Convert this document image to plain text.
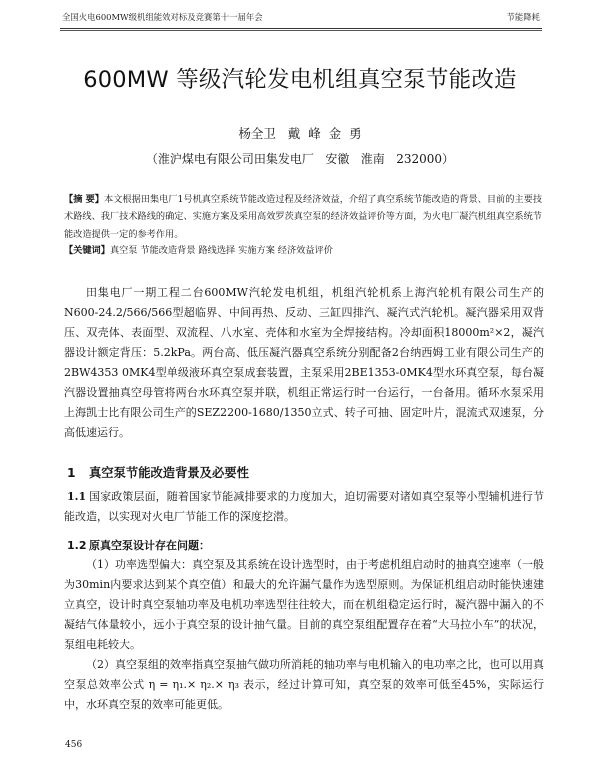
全国火电600MW级机组能效对标及竞赛第十一届年会	节能降耗
600MW 等级汽轮发电机组真空泵节能改造
杨全卫   戴  峰  金  勇
（淮沪煤电有限公司田集发电厂   安徽   淮南   232000）

【摘 要】本文根据田集电厂1号机真空系统节能改造过程及经济效益，介绍了真空系统节能改造的背景、目前的主要技术路线、我厂技术路线的确定、实施方案及采用高效罗茨真空泵的经济效益评价等方面，为火电厂凝汽机组真空系统节能改造提供一定的参考作用。

【关键词】真空泵 节能改造背景 路线选择 实施方案 经济效益评价

田集电厂一期工程二台600MW汽轮发电机组，机组汽轮机系上海汽轮机有限公司生产的N600-24.2/566/566型超临界、中间再热、反动、三缸四排汽、凝汽式汽轮机。凝汽器采用双背压、双壳体、表面型、双流程、八水室、壳体和水室为全焊接结构。冷却面积18000m²×2，凝汽器设计额定背压：5.2kPa。两台高、低压凝汽器真空系统分别配备2台纳西姆工业有限公司生产的2BW4353 0MK4型单级液环真空泵成套装置，主泵采用2BE1353-0MK4型水环真空泵，每台凝汽器设置抽真空母管将两台水环真空泵并联，机组正常运行时一台运行，一台备用。循环水泵采用上海凯士比有限公司生产的SEZ2200-1680/1350立式、转子可抽、固定叶片，混流式双速泵，分高低速运行。

1 真空泵节能改造背景及必要性

1.1 国家政策层面，随着国家节能减排要求的力度加大，迫切需要对诸如真空泵等小型辅机进行节能改造，以实现对火电厂节能工作的深度挖潜。

1.2 原真空泵设计存在问题：

（1）功率选型偏大：真空泵及其系统在设计选型时，由于考虑机组启动时的抽真空速率（一般为30min内要求达到某个真空值）和最大的允许漏气量作为选型原则。为保证机组启动时能快速建立真空，设计时真空泵轴功率及电机功率选型往往较大，而在机组稳定运行时，凝汽器中漏入的不凝结气体量较小，远小于真空泵的设计抽气量。目前的真空泵组配置存在着“大马拉小车”的状况，泵组电耗较大。

（2）真空泵组的效率指真空泵抽气做功所消耗的轴功率与电机输入的电功率之比，也可以用真空泵总效率公式 η = η₁.× η₂.× η₃ 表示，经过计算可知，真空泵的效率可低至45%，实际运行中，水环真空泵的效率可能更低。

456
